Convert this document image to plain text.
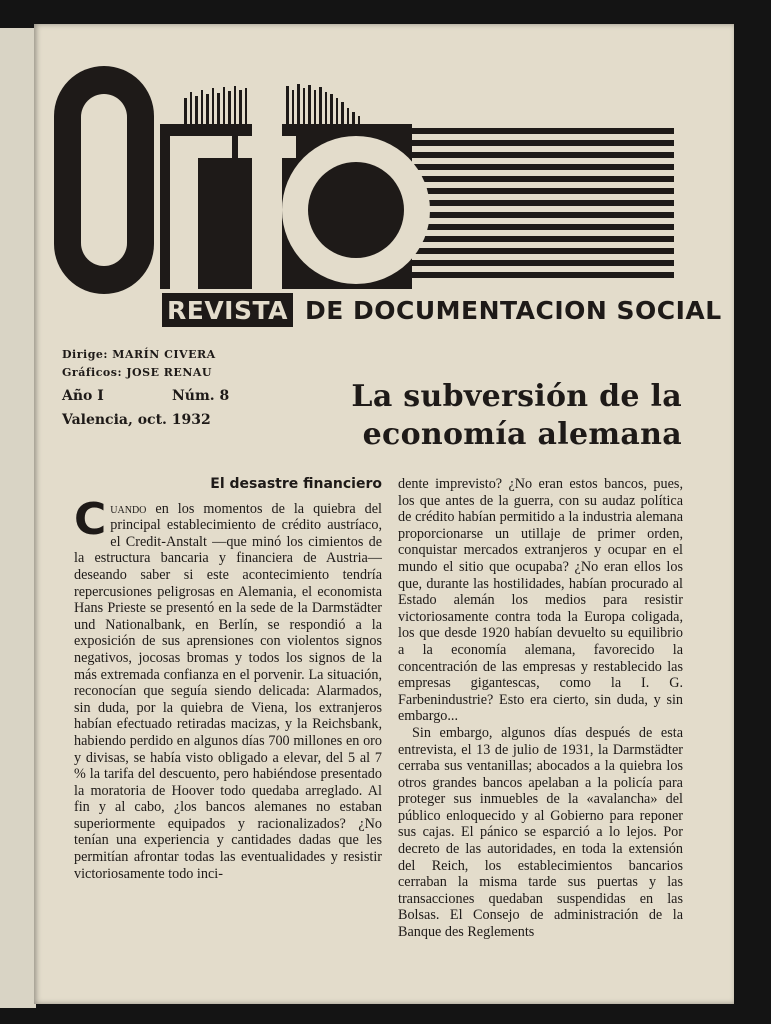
REVISTA DE DOCUMENTACION SOCIAL
Dirige: MARÍN CIVERA
Gráficos: JOSE RENAU
Año I	Núm. 8
Valencia, oct. 1932
La subversión de la
economía alemana
El desastre financiero

Cuando en los momentos de la quiebra del principal establecimiento de crédito austríaco, el Credit-Anstalt —que minó los cimientos de la estructura bancaria y financiera de Austria— deseando saber si este acontecimiento tendría repercusiones peligrosas en Alemania, el economista Hans Prieste se presentó en la sede de la Darmstädter und Nationalbank, en Berlín, se respondió a la exposición de sus aprensiones con violentos signos negativos, jocosas bromas y todos los signos de la más extremada confianza en el porvenir. La situación, reconocían que seguía siendo delicada: Alarmados, sin duda, por la quiebra de Viena, los extranjeros habían efectuado retiradas macizas, y la Reichsbank, habiendo perdido en algunos días 700 millones en oro y divisas, se había visto obligado a elevar, del 5 al 7 % la tarifa del descuento, pero habiéndose presentado la moratoria de Hoover todo quedaba arreglado. Al fin y al cabo, ¿los bancos alemanes no estaban superiormente equipados y racionalizados? ¿No tenían una experiencia y cantidades dadas que les permitían afrontar todas las eventualidades y resistir victoriosamente todo inci-

dente imprevisto? ¿No eran estos bancos, pues, los que antes de la guerra, con su audaz política de crédito habían permitido a la industria alemana proporcionarse un utillaje de primer orden, conquistar mercados extranjeros y ocupar en el mundo el sitio que ocupaba? ¿No eran ellos los que, durante las hostilidades, habían procurado al Estado alemán los medios para resistir victoriosamente contra toda la Europa coligada, los que desde 1920 habían devuelto su equilibrio a la economía alemana, favorecido la concentración de las empresas y restablecido las empresas gigantescas, como la I. G. Farbenindustrie? Esto era cierto, sin duda, y sin embargo...

Sin embargo, algunos días después de esta entrevista, el 13 de julio de 1931, la Darmstädter cerraba sus ventanillas; abocados a la quiebra los otros grandes bancos apelaban a la policía para proteger sus inmuebles de la «avalancha» del público enloquecido y al Gobierno para reponer sus cajas. El pánico se esparció a lo lejos. Por decreto de las autoridades, en toda la extensión del Reich, los establecimientos bancarios cerraban la misma tarde sus puertas y las transacciones quedaban suspendidas en las Bolsas. El Consejo de administración de la Banque des Reglements
